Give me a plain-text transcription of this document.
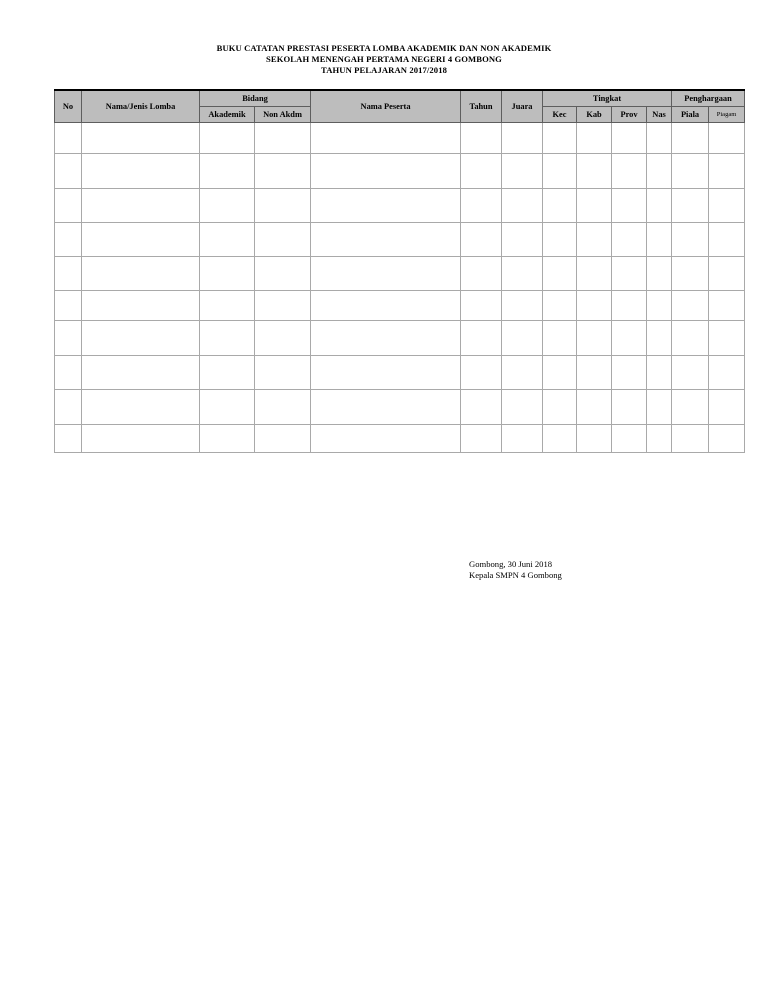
BUKU CATATAN PRESTASI PESERTA LOMBA AKADEMIK DAN NON AKADEMIK
SEKOLAH MENENGAH PERTAMA NEGERI 4 GOMBONG
TAHUN PELAJARAN 2017/2018
No	Nama/Jenis Lomba	Bidang		Nama Peserta	Tahun	Juara	Tingkat				Penghargaan	
		Akademik	Non Akdm				Kec	Kab	Prov	Nas	Piala	Piagam

Gombong, 30 Juni 2018
Kepala SMPN 4 Gombong
